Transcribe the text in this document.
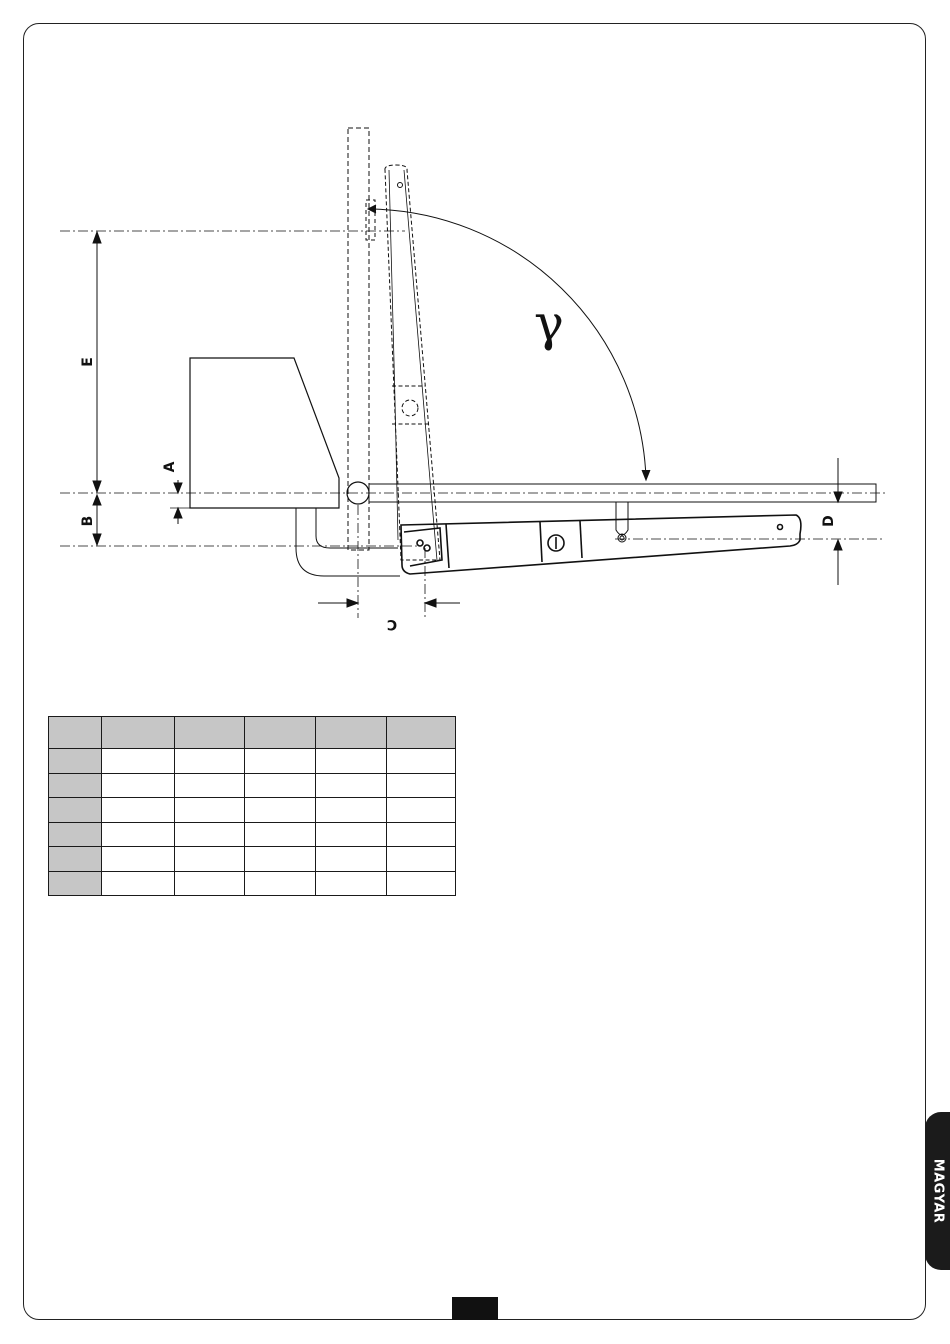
E
B
A
C
D
γ

MAGYAR
